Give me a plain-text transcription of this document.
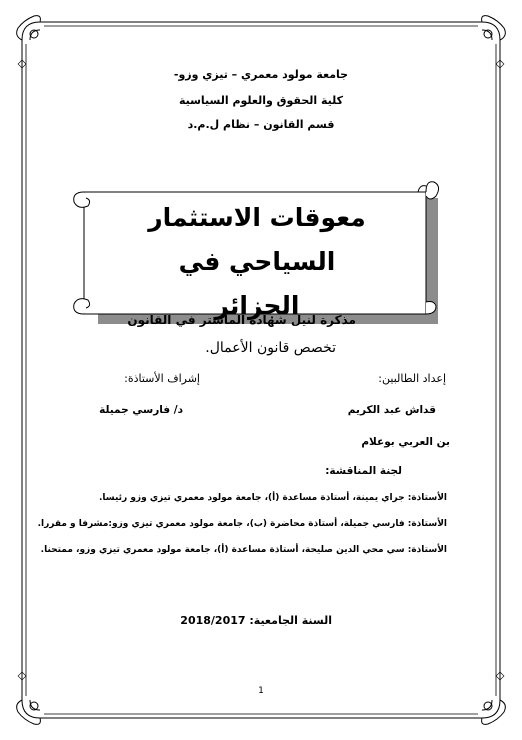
جامعة مولود معمري – تيزي وزو-
كلية الحقوق والعلوم السياسية
قسم القانون – نظام ل.م.د
معوقات الاستثمار السياحي في
الجزائر
مذكرة لنيل شهادة الماستر في القانون
تخصص قانون الأعمال.
إعداد الطالبين:
إشراف الأستاذة:
قداش عبد الكريم
د/ فارسي جميلة
بن العربي بوعلام
لجنة المناقشة:
الأستاذة: جراي يمينة، أستاذة مساعدة (أ)، جامعة مولود معمري تيزي وزو رئيسا.
الأستاذة: فارسي جميلة، أستاذة محاضرة (ب)، جامعة مولود معمري تيزي وزو:مشرفا و مقررا.
الأستاذة: سي محي الدين صليحة، أستاذة مساعدة (أ)، جامعة مولود معمري تيزي وزو، ممتحنا.
السنة الجامعية: 2018/2017
1
